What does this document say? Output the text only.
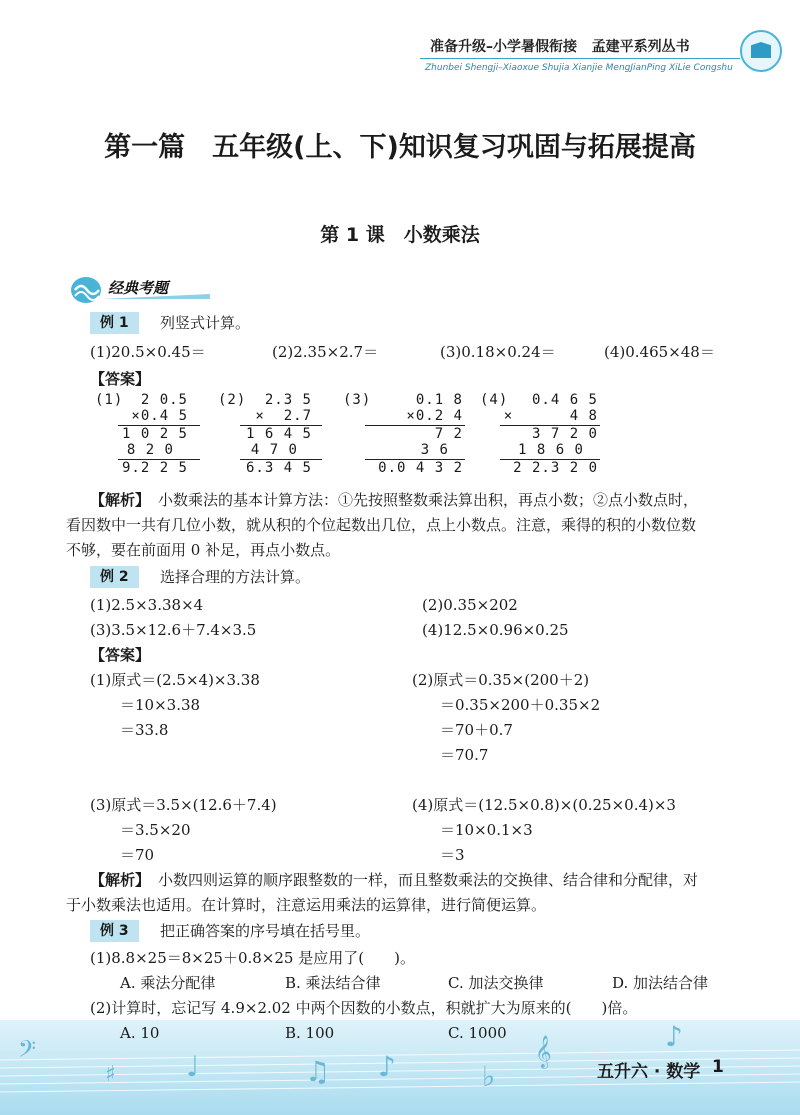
准备升级–小学暑假衔接   孟建平系列丛书
Zhunbei Shengji–Xiaoxue Shujia Xianjie MengJianPing XiLie Congshu
第一篇　五年级(上、下)知识复习巩固与拓展提高
第 1 课　小数乘法
经典考题
例 1	列竖式计算。
(1)20.5×0.45＝	(2)2.35×2.7＝	(3)0.18×0.24＝	(4)0.465×48＝
【答案】
(1)	2 0.5
×0.4 5
1 0 2 5
8 2 0
9.2 2 5
(2)	2.3 5
×  2.7
1 6 4 5
4 7 0
6.3 4 5
(3)	0.1 8
×0.2 4
7 2
3 6
0.0 4 3 2
(4)	0.4 6 5
×      4 8
3 7 2 0
1 8 6 0
2 2.3 2 0
【解析】 小数乘法的基本计算方法：①先按照整数乘法算出积，再点小数；②点小数点时，
看因数中一共有几位小数，就从积的个位起数出几位，点上小数点。注意，乘得的积的小数位数
不够，要在前面用 0 补足，再点小数点。
例 2	选择合理的方法计算。
(1)2.5×3.38×4	(2)0.35×202
(3)3.5×12.6＋7.4×3.5	(4)12.5×0.96×0.25
【答案】
(1)原式＝(2.5×4)×3.38
＝10×3.38
＝33.8
(2)原式＝0.35×(200＋2)
＝0.35×200＋0.35×2
＝70＋0.7
＝70.7
(3)原式＝3.5×(12.6＋7.4)
＝3.5×20
＝70
(4)原式＝(12.5×0.8)×(0.25×0.4)×3
＝10×0.1×3
＝3
【解析】 小数四则运算的顺序跟整数的一样，而且整数乘法的交换律、结合律和分配律，对
于小数乘法也适用。在计算时，注意运用乘法的运算律，进行简便运算。
例 3	把正确答案的序号填在括号里。
(1)8.8×25＝8×25＋0.8×25 是应用了(　　)。
A. 乘法分配律	B. 乘法结合律	C. 加法交换律	D. 加法结合律
𝄢
♯	♩	♫ ♪	♭
𝄞	♪
(2)计算时，忘记写 4.9×2.02 中两个因数的小数点，积就扩大为原来的(　　)倍。
A. 10	B. 100	C. 1000
五升六 · 数学 1
